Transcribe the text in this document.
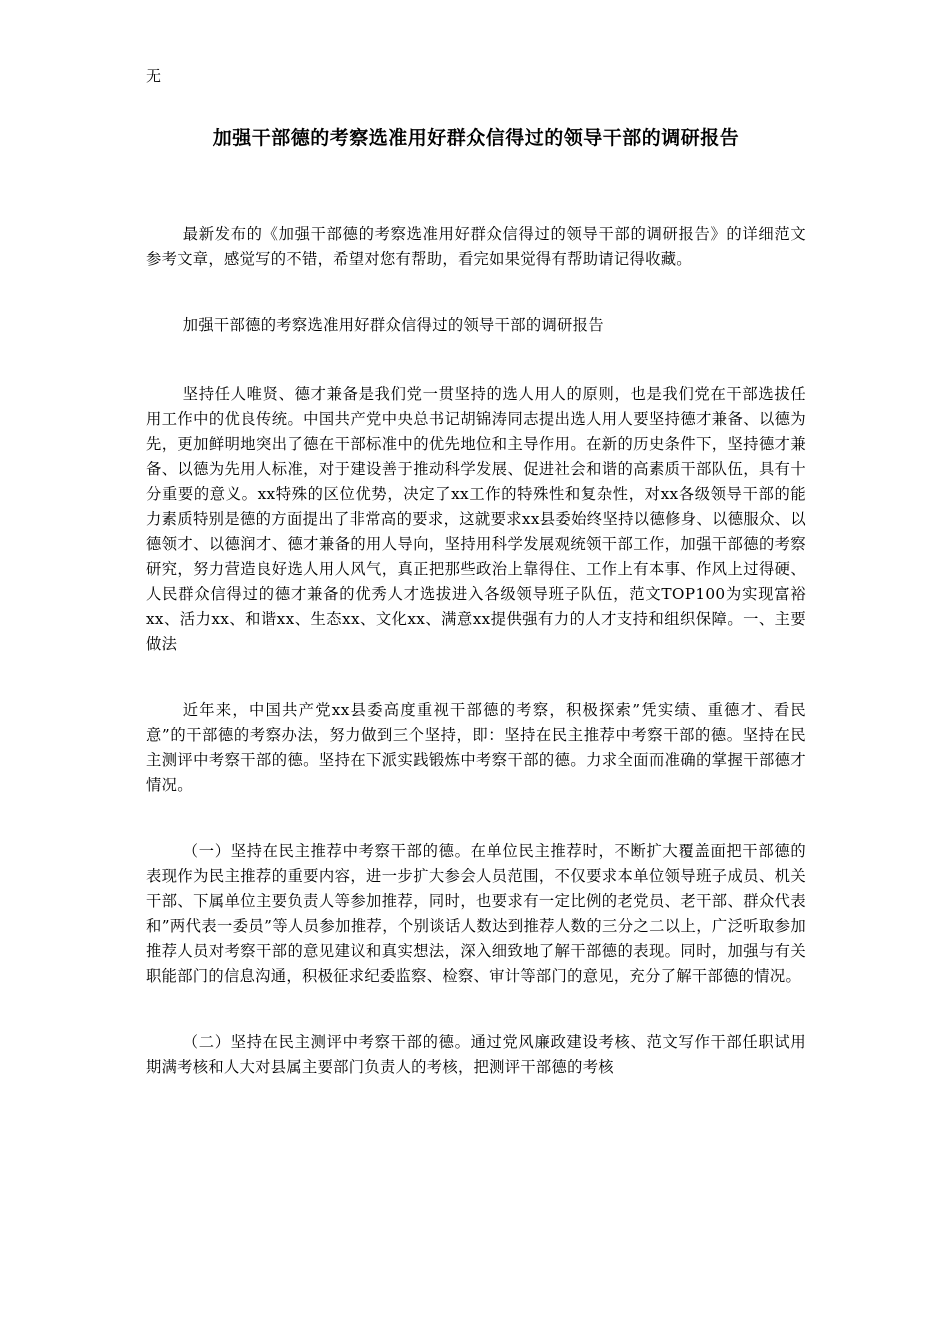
无
加强干部德的考察选准用好群众信得过的领导干部的调研报告

最新发布的《加强干部德的考察选准用好群众信得过的领导干部的调研报告》的详细范文参考文章，感觉写的不错，希望对您有帮助，看完如果觉得有帮助请记得收藏。

加强干部德的考察选准用好群众信得过的领导干部的调研报告

坚持任人唯贤、德才兼备是我们党一贯坚持的选人用人的原则，也是我们党在干部选拔任用工作中的优良传统。中国共产党中央总书记胡锦涛同志提出选人用人要坚持德才兼备、以德为先，更加鲜明地突出了德在干部标准中的优先地位和主导作用。在新的历史条件下，坚持德才兼备、以德为先用人标准，对于建设善于推动科学发展、促进社会和谐的高素质干部队伍，具有十分重要的意义。xx特殊的区位优势，决定了xx工作的特殊性和复杂性，对xx各级领导干部的能力素质特别是德的方面提出了非常高的要求，这就要求xx县委始终坚持以德修身、以德服众、以德领才、以德润才、德才兼备的用人导向，坚持用科学发展观统领干部工作，加强干部德的考察研究，努力营造良好选人用人风气，真正把那些政治上靠得住、工作上有本事、作风上过得硬、人民群众信得过的德才兼备的优秀人才选拔进入各级领导班子队伍，范文TOP100为实现富裕xx、活力xx、和谐xx、生态xx、文化xx、满意xx提供强有力的人才支持和组织保障。一、主要做法

近年来，中国共产党xx县委高度重视干部德的考察，积极探索”凭实绩、重德才、看民意”的干部德的考察办法，努力做到三个坚持，即：坚持在民主推荐中考察干部的德。坚持在民主测评中考察干部的德。坚持在下派实践锻炼中考察干部的德。力求全面而准确的掌握干部德才情况。

（一）坚持在民主推荐中考察干部的德。在单位民主推荐时，不断扩大覆盖面把干部德的表现作为民主推荐的重要内容，进一步扩大参会人员范围，不仅要求本单位领导班子成员、机关干部、下属单位主要负责人等参加推荐，同时，也要求有一定比例的老党员、老干部、群众代表和”两代表一委员”等人员参加推荐，个别谈话人数达到推荐人数的三分之二以上，广泛听取参加推荐人员对考察干部的意见建议和真实想法，深入细致地了解干部德的表现。同时，加强与有关职能部门的信息沟通，积极征求纪委监察、检察、审计等部门的意见，充分了解干部德的情况。

（二）坚持在民主测评中考察干部的德。通过党风廉政建设考核、范文写作干部任职试用期满考核和人大对县属主要部门负责人的考核，把测评干部德的考核
